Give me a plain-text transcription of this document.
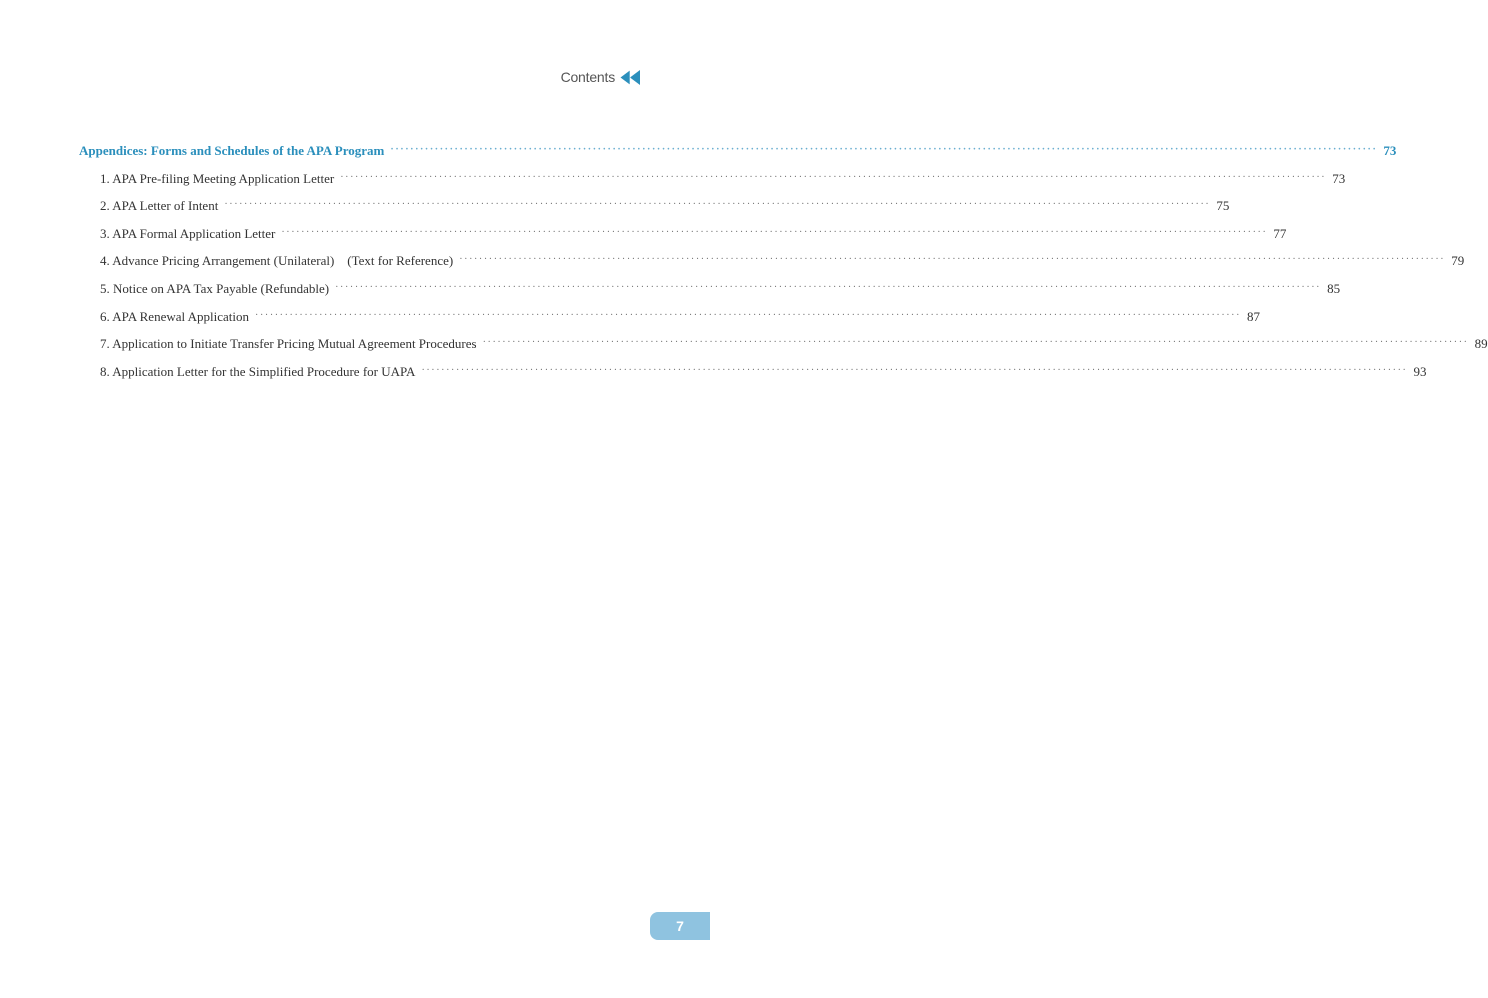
Contents
Appendices: Forms and Schedules of the APA Program ········································································································································································································ 73
1. APA Pre-filing Meeting Application Letter ········································································································································································································ 73
2. APA Letter of Intent ········································································································································································································ 75
3. APA Formal Application Letter ········································································································································································································ 77
4. Advance Pricing Arrangement (Unilateral) (Text for Reference) ········································································································································································································ 79
5. Notice on APA Tax Payable (Refundable) ········································································································································································································ 85
6. APA Renewal Application ········································································································································································································ 87
7. Application to Initiate Transfer Pricing Mutual Agreement Procedures ········································································································································································································ 89
8. Application Letter for the Simplified Procedure for UAPA ········································································································································································································ 93
7
